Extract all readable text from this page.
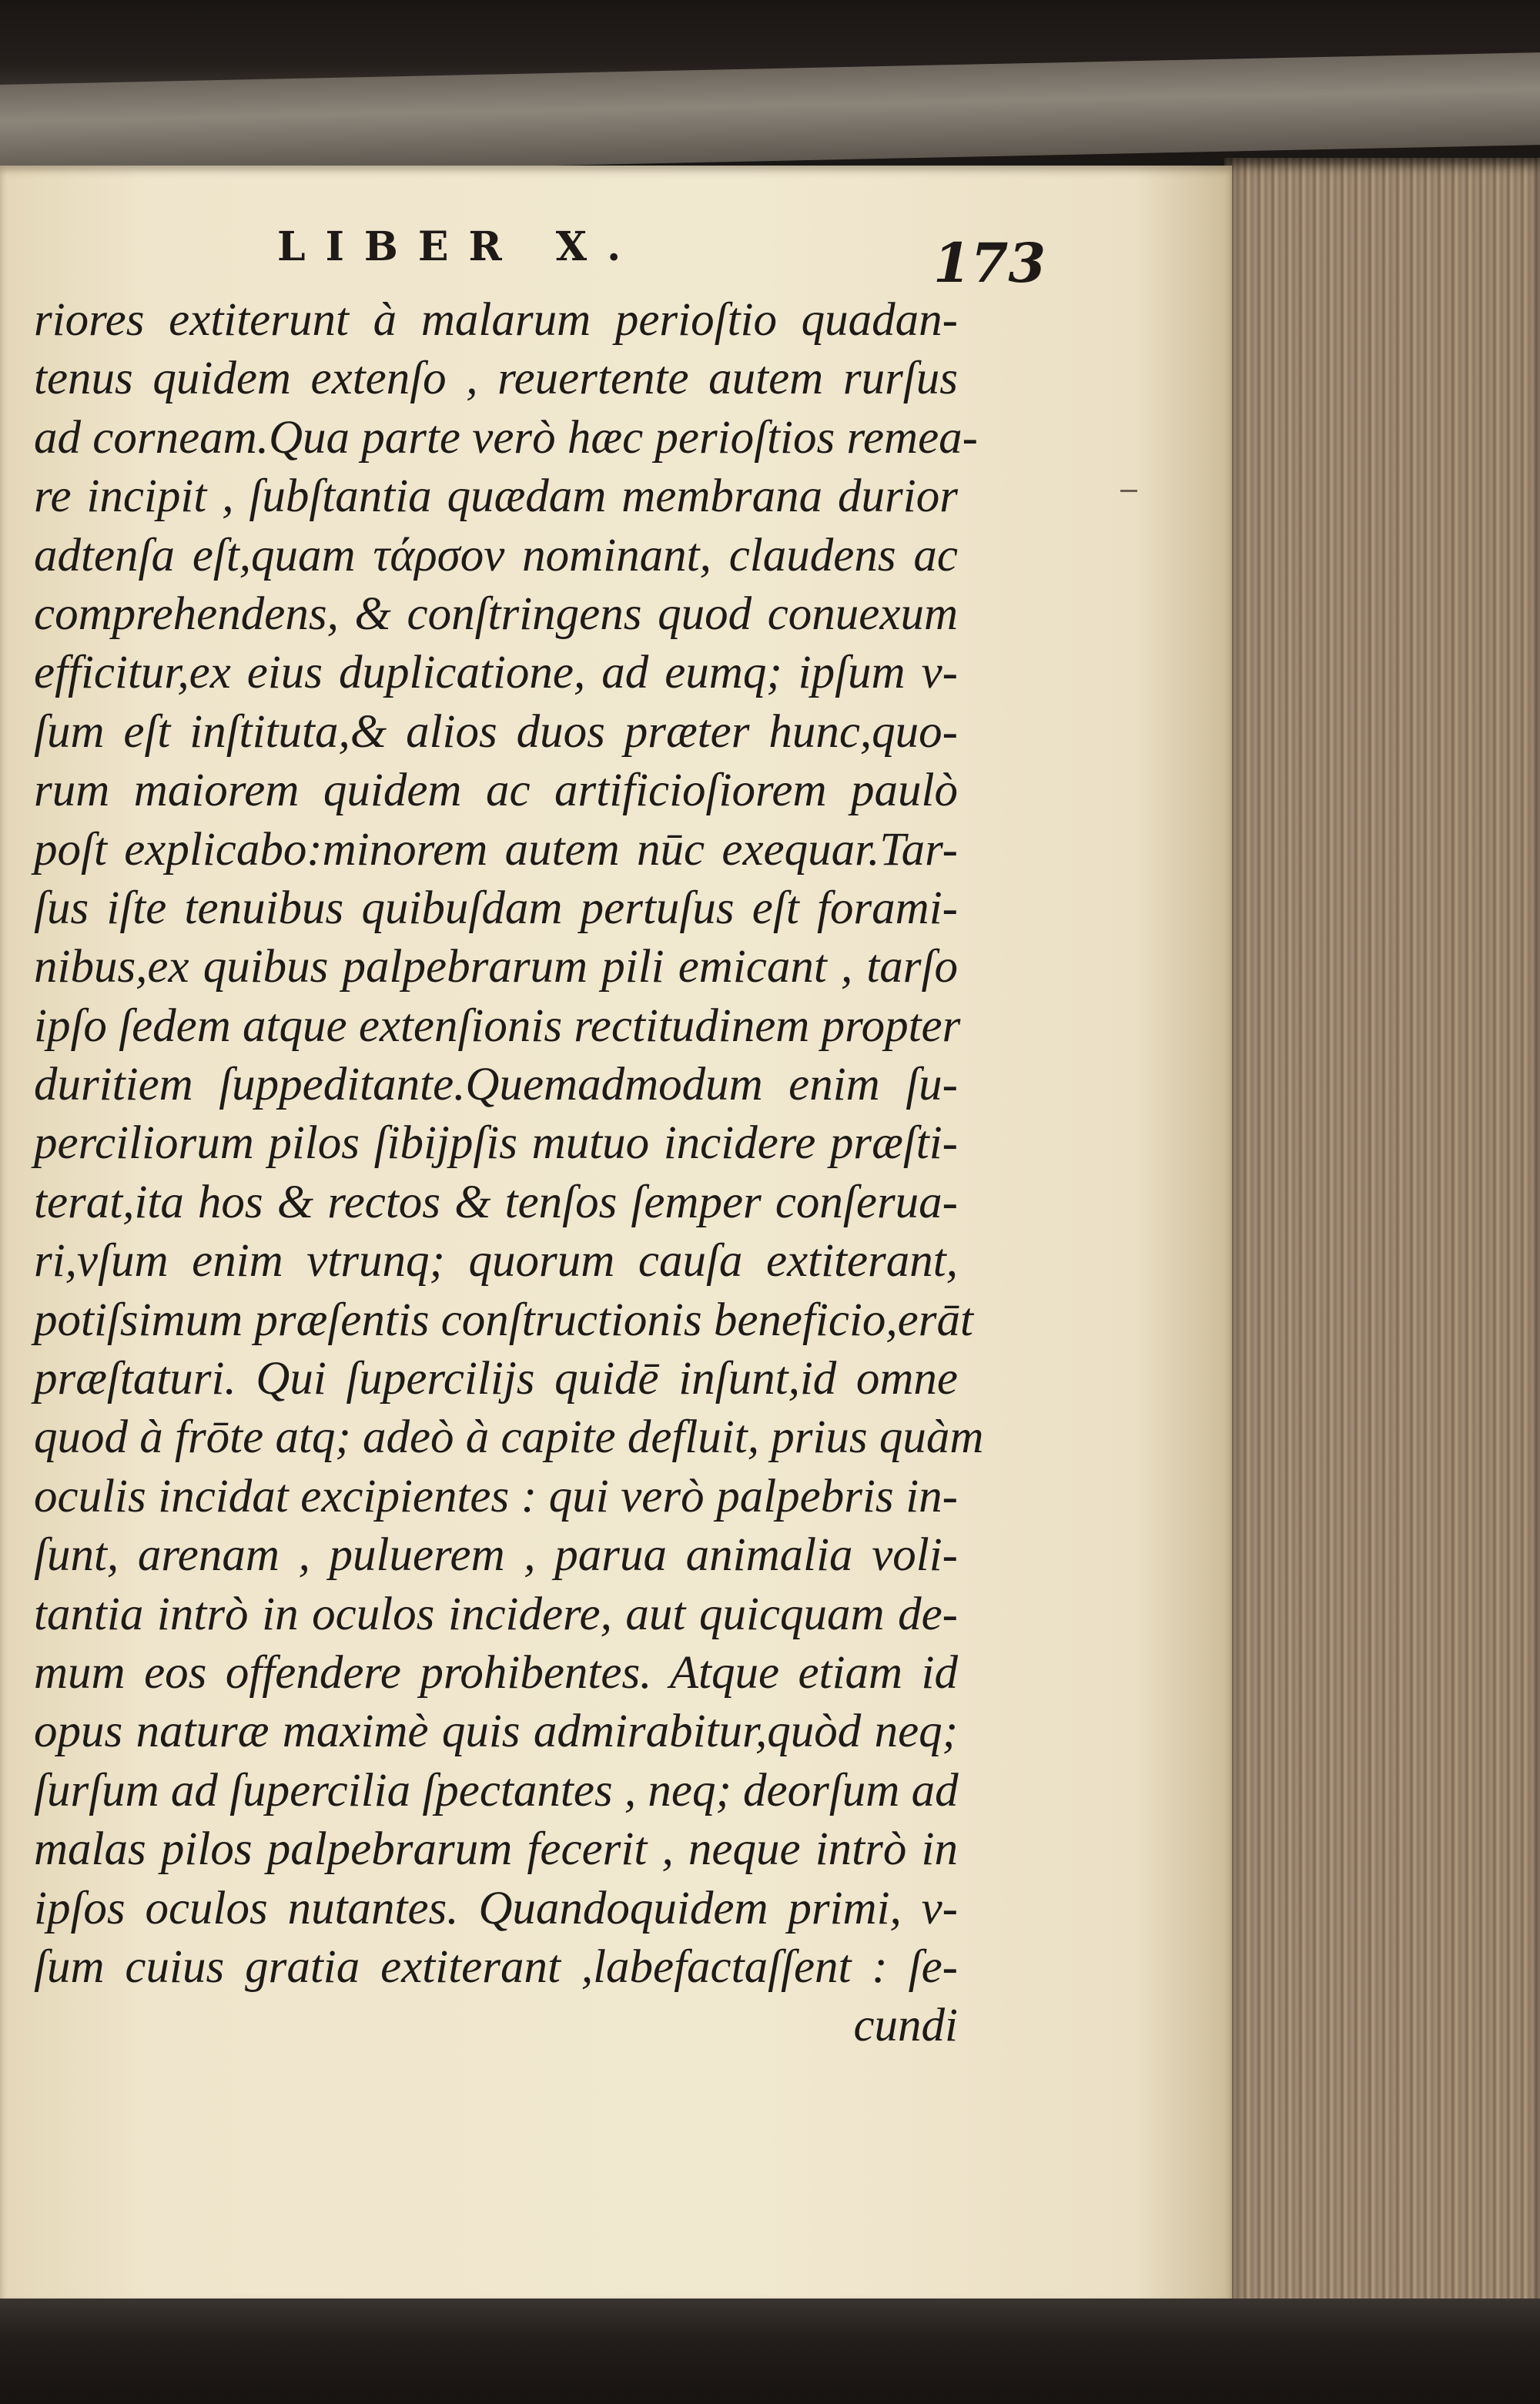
LIBER X.	173
riores extiterunt à malarum perioſtio quadan-
tenus quidem extenſo , reuertente autem rurſus
ad corneam.Qua parte verò hæc perioſtios remea-
re incipit , ſubſtantia quædam membrana durior
adtenſa eſt,quam τάρσον nominant, claudens ac
comprehendens, & conſtringens quod conuexum
efficitur,ex eius duplicatione, ad eumq; ipſum v-
ſum eſt inſtituta,& alios duos præter hunc,quo-
rum maiorem quidem ac artificioſiorem paulò
poſt explicabo:minorem autem nūc exequar.Tar-
ſus iſte tenuibus quibuſdam pertuſus eſt forami-
nibus,ex quibus palpebrarum pili emicant , tarſo
ipſo ſedem atque extenſionis rectitudinem propter
duritiem ſuppeditante.Quemadmodum enim ſu-
perciliorum pilos ſibijpſis mutuo incidere præſti-
terat,ita hos & rectos & tenſos ſemper conſerua-
ri,vſum enim vtrunq; quorum cauſa extiterant,
potiſsimum præſentis conſtructionis beneficio,erāt
præſtaturi. Qui ſupercilijs quidē inſunt,id omne
quod à frōte atq; adeò à capite defluit, prius quàm
oculis incidat excipientes : qui verò palpebris in-
ſunt, arenam , puluerem , parua animalia voli-
tantia intrò in oculos incidere, aut quicquam de-
mum eos offendere prohibentes. Atque etiam id
opus naturæ maximè quis admirabitur,quòd neq;
ſurſum ad ſupercilia ſpectantes , neq; deorſum ad
malas pilos palpebrarum fecerit , neque intrò in
ipſos oculos nutantes. Quandoquidem primi, v-
ſum cuius gratia extiterant ,labefactaſſent : ſe-
cundi
